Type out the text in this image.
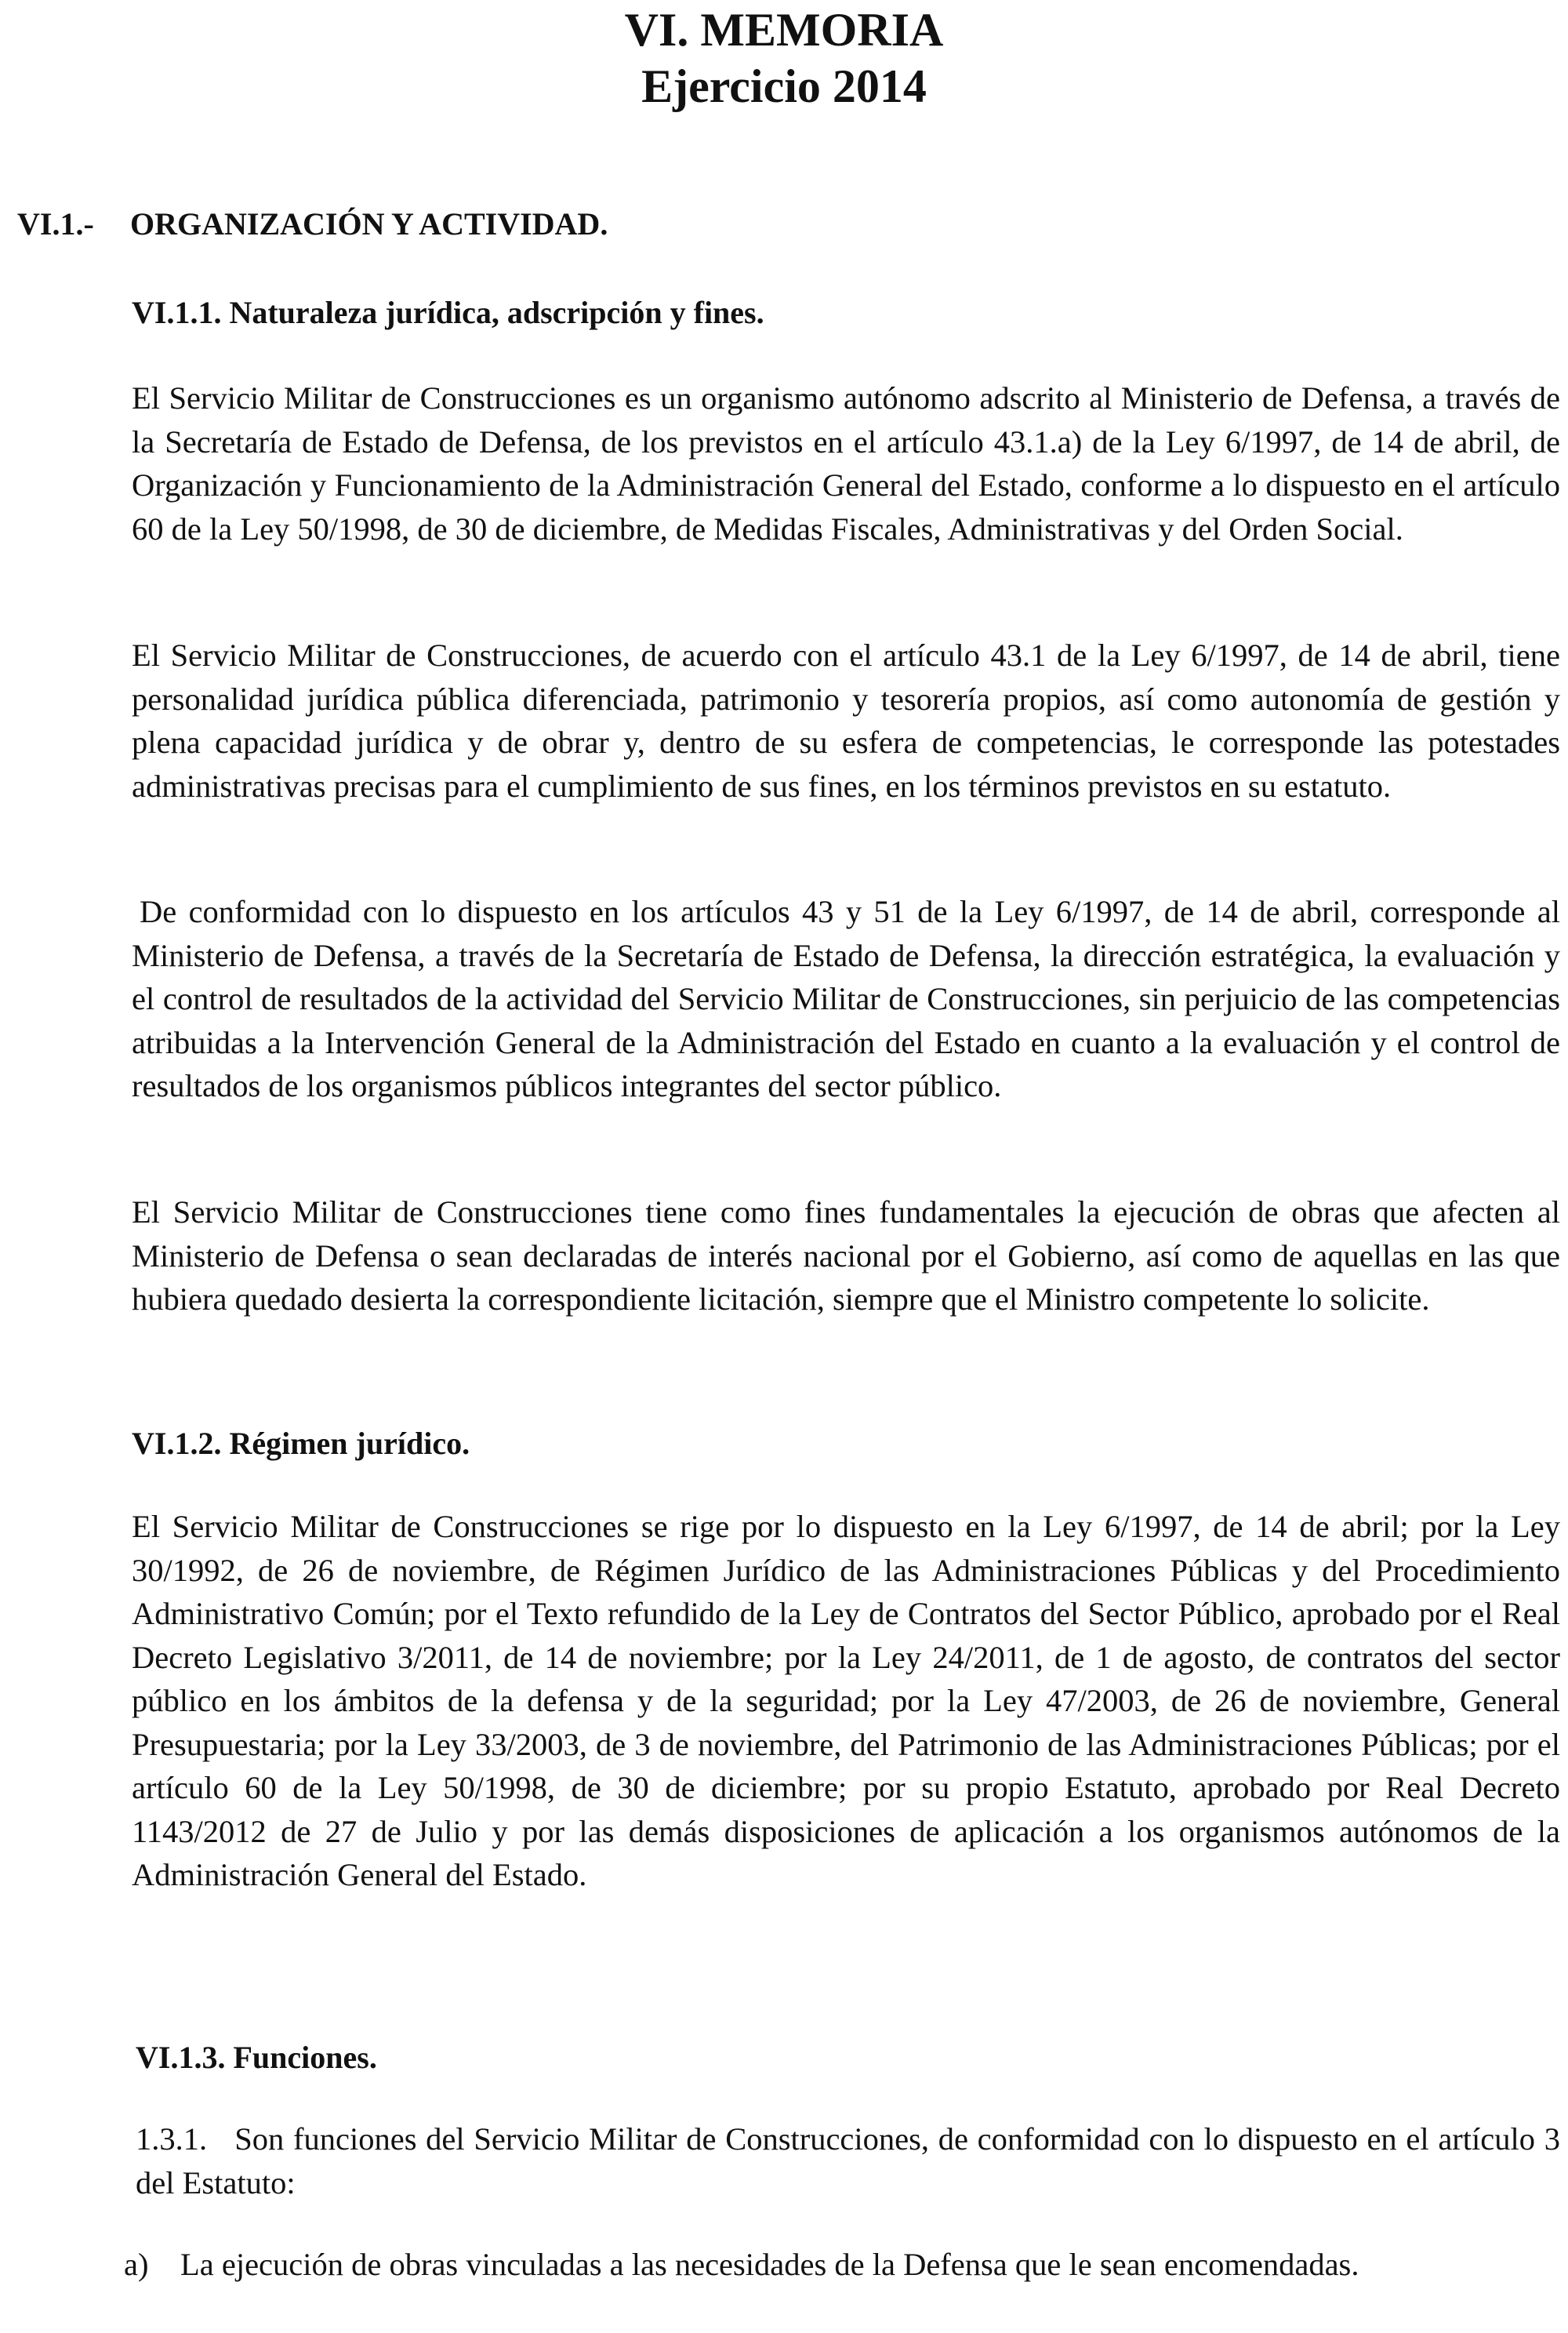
VI. MEMORIA
Ejercicio 2014
VI.1.- ORGANIZACIÓN Y ACTIVIDAD.
VI.1.1. Naturaleza jurídica, adscripción y fines.

El Servicio Militar de Construcciones es un organismo autónomo adscrito al Ministerio de Defensa, a través de la Secretaría de Estado de Defensa, de los previstos en el artículo 43.1.a) de la Ley 6/1997, de 14 de abril, de Organización y Funcionamiento de la Administración General del Estado, conforme a lo dispuesto en el artículo 60 de la Ley 50/1998, de 30 de diciembre, de Medidas Fiscales, Administrativas y del Orden Social.

El Servicio Militar de Construcciones, de acuerdo con el artículo 43.1 de la Ley 6/1997, de 14 de abril, tiene personalidad jurídica pública diferenciada, patrimonio y tesorería propios, así como autonomía de gestión y plena capacidad jurídica y de obrar y, dentro de su esfera de competencias, le corresponde las potestades administrativas precisas para el cumplimiento de sus fines, en los términos previstos en su estatuto.

De conformidad con lo dispuesto en los artículos 43 y 51 de la Ley 6/1997, de 14 de abril, corresponde al Ministerio de Defensa, a través de la Secretaría de Estado de Defensa, la dirección estratégica, la evaluación y el control de resultados de la actividad del Servicio Militar de Construcciones, sin perjuicio de las competencias atribuidas a la Intervención General de la Administración del Estado en cuanto a la evaluación y el control de resultados de los organismos públicos integrantes del sector público.

El Servicio Militar de Construcciones tiene como fines fundamentales la ejecución de obras que afecten al Ministerio de Defensa o sean declaradas de interés nacional por el Gobierno, así como de aquellas en las que hubiera quedado desierta la correspondiente licitación, siempre que el Ministro competente lo solicite.

VI.1.2. Régimen jurídico.

El Servicio Militar de Construcciones se rige por lo dispuesto en la Ley 6/1997, de 14 de abril; por la Ley 30/1992, de 26 de noviembre, de Régimen Jurídico de las Administraciones Públicas y del Procedimiento Administrativo Común; por el Texto refundido de la Ley de Contratos del Sector Público, aprobado por el Real Decreto Legislativo 3/2011, de 14 de noviembre; por la Ley 24/2011, de 1 de agosto, de contratos del sector público en los ámbitos de la defensa y de la seguridad; por la Ley 47/2003, de 26 de noviembre, General Presupuestaria; por la Ley 33/2003, de 3 de noviembre, del Patrimonio de las Administraciones Públicas; por el artículo 60 de la Ley 50/1998, de 30 de diciembre; por su propio Estatuto, aprobado por Real Decreto 1143/2012 de 27 de Julio y por las demás disposiciones de aplicación a los organismos autónomos de la Administración General del Estado.

VI.1.3. Funciones.

1.3.1.   Son funciones del Servicio Militar de Construcciones, de conformidad con lo dispuesto en el artículo 3 del Estatuto:

a) La ejecución de obras vinculadas a las necesidades de la Defensa que le sean encomendadas.
